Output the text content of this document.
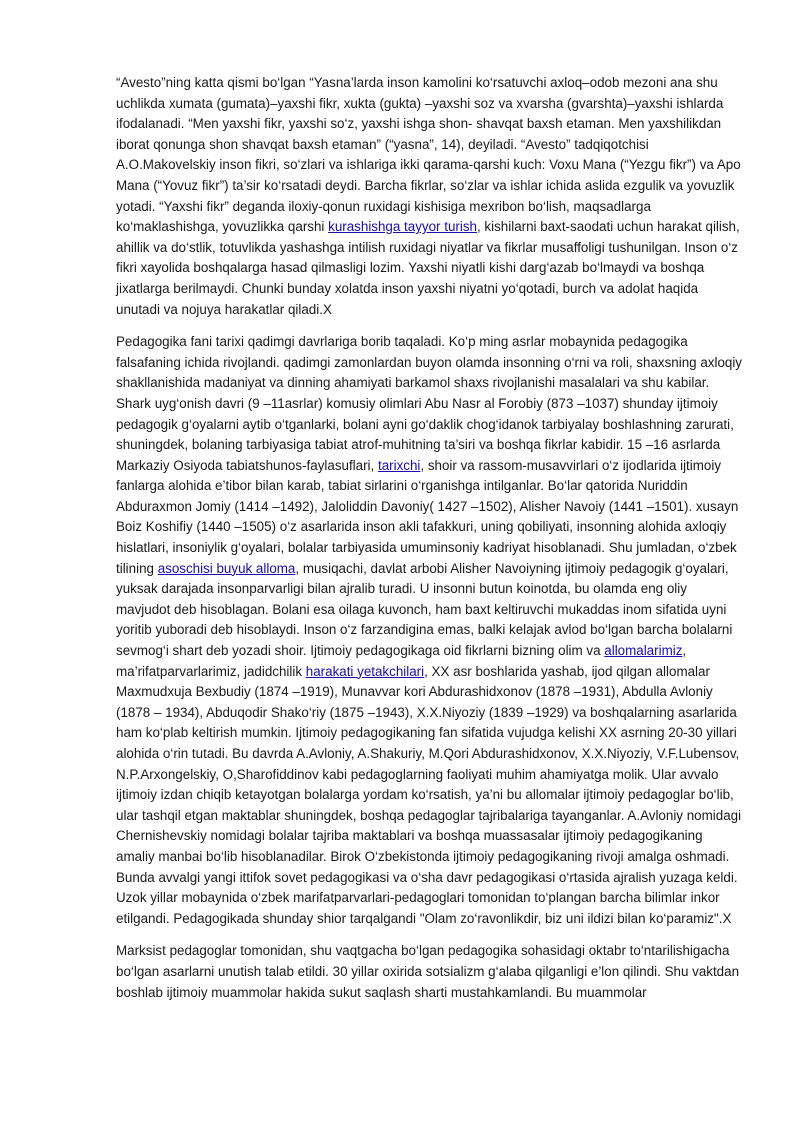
“Avesto”ning katta qismi bo‘lgan “Yasna’larda inson kamolini ko‘rsatuvchi axloq–odob mezoni ana shu uchlikda xumata (gumata)–yaxshi fikr, xukta (gukta) –yaxshi soz va xvarsha (gvarshta)–yaxshi ishlarda ifodalanadi. “Men yaxshi fikr, yaxshi so‘z, yaxshi ishga shon- shavqat baxsh etaman. Men yaxshilikdan iborat qonunga shon shavqat baxsh etaman” (“yasna”, 14), deyiladi. “Avesto” tadqiqotchisi A.O.Makovelskiy inson fikri, so‘zlari va ishlariga ikki qarama-qarshi kuch: Voxu Mana (“Yezgu fikr”) va Apo Mana (“Yovuz fikr”) ta’sir ko‘rsatadi deydi. Barcha fikrlar, so‘zlar va ishlar ichida aslida ezgulik va yovuzlik yotadi. “Yaxshi fikr” deganda iloxiy-qonun ruxidagi kishisiga mexribon bo‘lish, maqsadlarga ko‘maklashishga, yovuzlikka qarshi kurashishga tayyor turish, kishilarni baxt-saodati uchun harakat qilish, ahillik va do‘stlik, totuvlikda yashashga intilish ruxidagi niyatlar va fikrlar musaffoligi tushunilgan. Inson o‘z fikri xayolida boshqalarga hasad qilmasligi lozim. Yaxshi niyatli kishi darg‘azab bo‘lmaydi va boshqa jixatlarga berilmaydi. Chunki bunday xolatda inson yaxshi niyatni yo‘qotadi, burch va adolat haqida unutadi va nojuya harakatlar qiladi.X

Pedagogika fani tarixi qadimgi davrlariga borib taqaladi. Ko‘p ming asrlar mobaynida pedagogika falsafaning ichida rivojlandi. qadimgi zamonlardan buyon olamda insonning o‘rni va roli, shaxsning axloqiy shakllanishida madaniyat va dinning ahamiyati barkamol shaxs rivojlanishi masalalari va shu kabilar. Shark uyg‘onish davri (9 –11asrlar) komusiy olimlari Abu Nasr al Forobiy (873 –1037) shunday ijtimoiy pedagogik g‘oyalarni aytib o‘tganlarki, bolani ayni go‘daklik chog‘idanok tarbiyalay boshlashning zarurati, shuningdek, bolaning tarbiyasiga tabiat atrof-muhitning ta’siri va boshqa fikrlar kabidir. 15 –16 asrlarda Markaziy Osiyoda tabiatshunos-faylasuflari, tarixchi, shoir va rassom-musavvirlari o‘z ijodlarida ijtimoiy fanlarga alohida e’tibor bilan karab, tabiat sirlarini o‘rganishga intilganlar. Bo‘lar qatorida Nuriddin Abduraxmon Jomiy (1414 –1492), Jaloliddin Davoniy( 1427 –1502), Alisher Navoiy (1441 –1501). xusayn Boiz Koshifiy (1440 –1505) o‘z asarlarida inson akli tafakkuri, uning qobiliyati, insonning alohida axloqiy hislatlari, insoniylik g‘oyalari, bolalar tarbiyasida umuminsoniy kadriyat hisoblanadi. Shu jumladan, o‘zbek tilining asoschisi buyuk alloma, musiqachi, davlat arbobi Alisher Navoiyning ijtimoiy pedagogik g‘oyalari, yuksak darajada insonparvarligi bilan ajralib turadi. U insonni butun koinotda, bu olamda eng oliy mavjudot deb hisoblagan. Bolani esa oilaga kuvonch, ham baxt keltiruvchi mukaddas inom sifatida uyni yoritib yuboradi deb hisoblaydi. Inson o‘z farzandigina emas, balki kelajak avlod bo‘lgan barcha bolalarni sevmog‘i shart deb yozadi shoir. Ijtimoiy pedagogikaga oid fikrlarni bizning olim va allomalarimiz, ma’rifatparvarlarimiz, jadidchilik harakati yetakchilari, XX asr boshlarida yashab, ijod qilgan allomalar Maxmudxuja Bexbudiy (1874 –1919), Munavvar kori Abdurashidxonov (1878 –1931), Abdulla Avloniy (1878 – 1934), Abduqodir Shako‘riy (1875 –1943), X.X.Niyoziy (1839 –1929) va boshqalarning asarlarida ham ko‘plab keltirish mumkin. Ijtimoiy pedagogikaning fan sifatida vujudga kelishi XX asrning 20-30 yillari alohida o‘rin tutadi. Bu davrda A.Avloniy, A.Shakuriy, M.Qori Abdurashidxonov, X.X.Niyoziy, V.F.Lubensov, N.P.Arxongelskiy, O,Sharofiddinov kabi pedagoglarning faoliyati muhim ahamiyatga molik. Ular avvalo ijtimoiy izdan chiqib ketayotgan bolalarga yordam ko‘rsatish, ya’ni bu allomalar ijtimoiy pedagoglar bo‘lib, ular tashqil etgan maktablar shuningdek, boshqa pedagoglar tajribalariga tayanganlar. A.Avloniy nomidagi Chernishevskiy nomidagi bolalar tajriba maktablari va boshqa muassasalar ijtimoiy pedagogikaning amaliy manbai bo‘lib hisoblanadilar. Birok O‘zbekistonda ijtimoiy pedagogikaning rivoji amalga oshmadi. Bunda avvalgi yangi ittifok sovet pedagogikasi va o‘sha davr pedagogikasi o‘rtasida ajralish yuzaga keldi. Uzok yillar mobaynida o‘zbek marifatparvarlari-pedagoglari tomonidan to‘plangan barcha bilimlar inkor etilgandi. Pedagogikada shunday shior tarqalgandi "Olam zo‘ravonlikdir, biz uni ildizi bilan ko‘paramiz".X

Marksist pedagoglar tomonidan, shu vaqtgacha bo‘lgan pedagogika sohasidagi oktabr to‘ntarilishigacha bo‘lgan asarlarni unutish talab etildi. 30 yillar oxirida sotsializm g‘alaba qilganligi e’lon qilindi. Shu vaktdan boshlab ijtimoiy muammolar hakida sukut saqlash sharti mustahkamlandi. Bu muammolar
